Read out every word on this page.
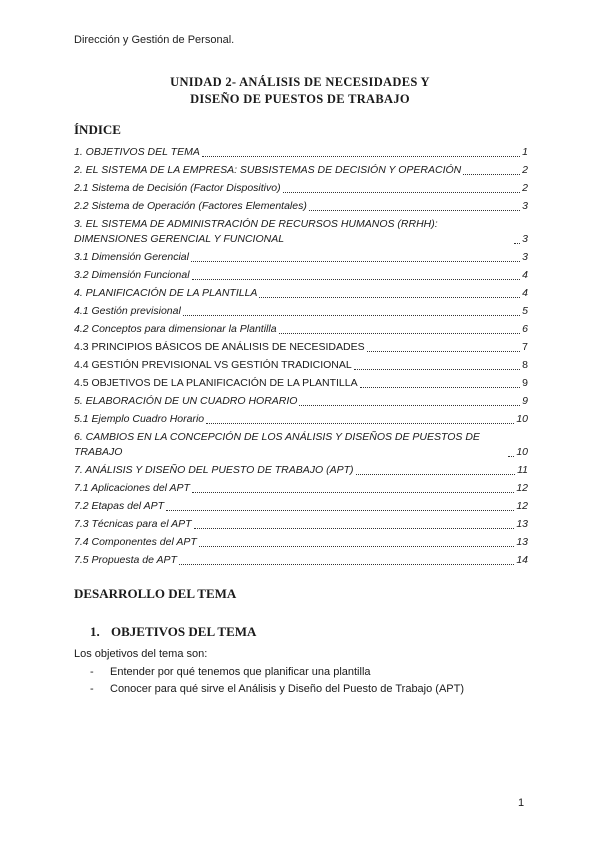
Dirección y Gestión de Personal.
UNIDAD 2- ANÁLISIS DE NECESIDADES Y
DISEÑO DE PUESTOS DE TRABAJO
ÍNDICE
1. OBJETIVOS DEL TEMA	1
2. EL SISTEMA DE LA EMPRESA: SUBSISTEMAS DE DECISIÓN Y OPERACIÓN	2
2.1 Sistema de Decisión (Factor Dispositivo)	2
2.2 Sistema de Operación (Factores Elementales)	3
3. EL SISTEMA DE ADMINISTRACIÓN DE RECURSOS HUMANOS (RRHH): DIMENSIONES GERENCIAL Y FUNCIONAL	3
3.1 Dimensión Gerencial	3
3.2 Dimensión Funcional	4
4. PLANIFICACIÓN DE LA PLANTILLA	4
4.1 Gestión previsional	5
4.2 Conceptos para dimensionar la Plantilla	6
4.3 PRINCIPIOS BÁSICOS DE ANÁLISIS DE NECESIDADES	7
4.4 GESTIÓN PREVISIONAL VS GESTIÓN TRADICIONAL	8
4.5 OBJETIVOS DE LA PLANIFICACIÓN DE LA PLANTILLA	9
5. ELABORACIÓN DE UN CUADRO HORARIO	9
5.1 Ejemplo Cuadro Horario	10
6. CAMBIOS EN LA CONCEPCIÓN DE LOS ANÁLISIS Y DISEÑOS DE PUESTOS DE TRABAJO	10
7. ANÁLISIS Y DISEÑO DEL PUESTO DE TRABAJO (APT)	11
7.1 Aplicaciones del APT	12
7.2 Etapas del APT	12
7.3 Técnicas para el APT	13
7.4 Componentes del APT	13
7.5 Propuesta de APT	14
DESARROLLO DEL TEMA
1. OBJETIVOS DEL TEMA
Los objetivos del tema son:
-	Entender por qué tenemos que planificar una plantilla
-	Conocer para qué sirve el Análisis y Diseño del Puesto de Trabajo (APT)
1
